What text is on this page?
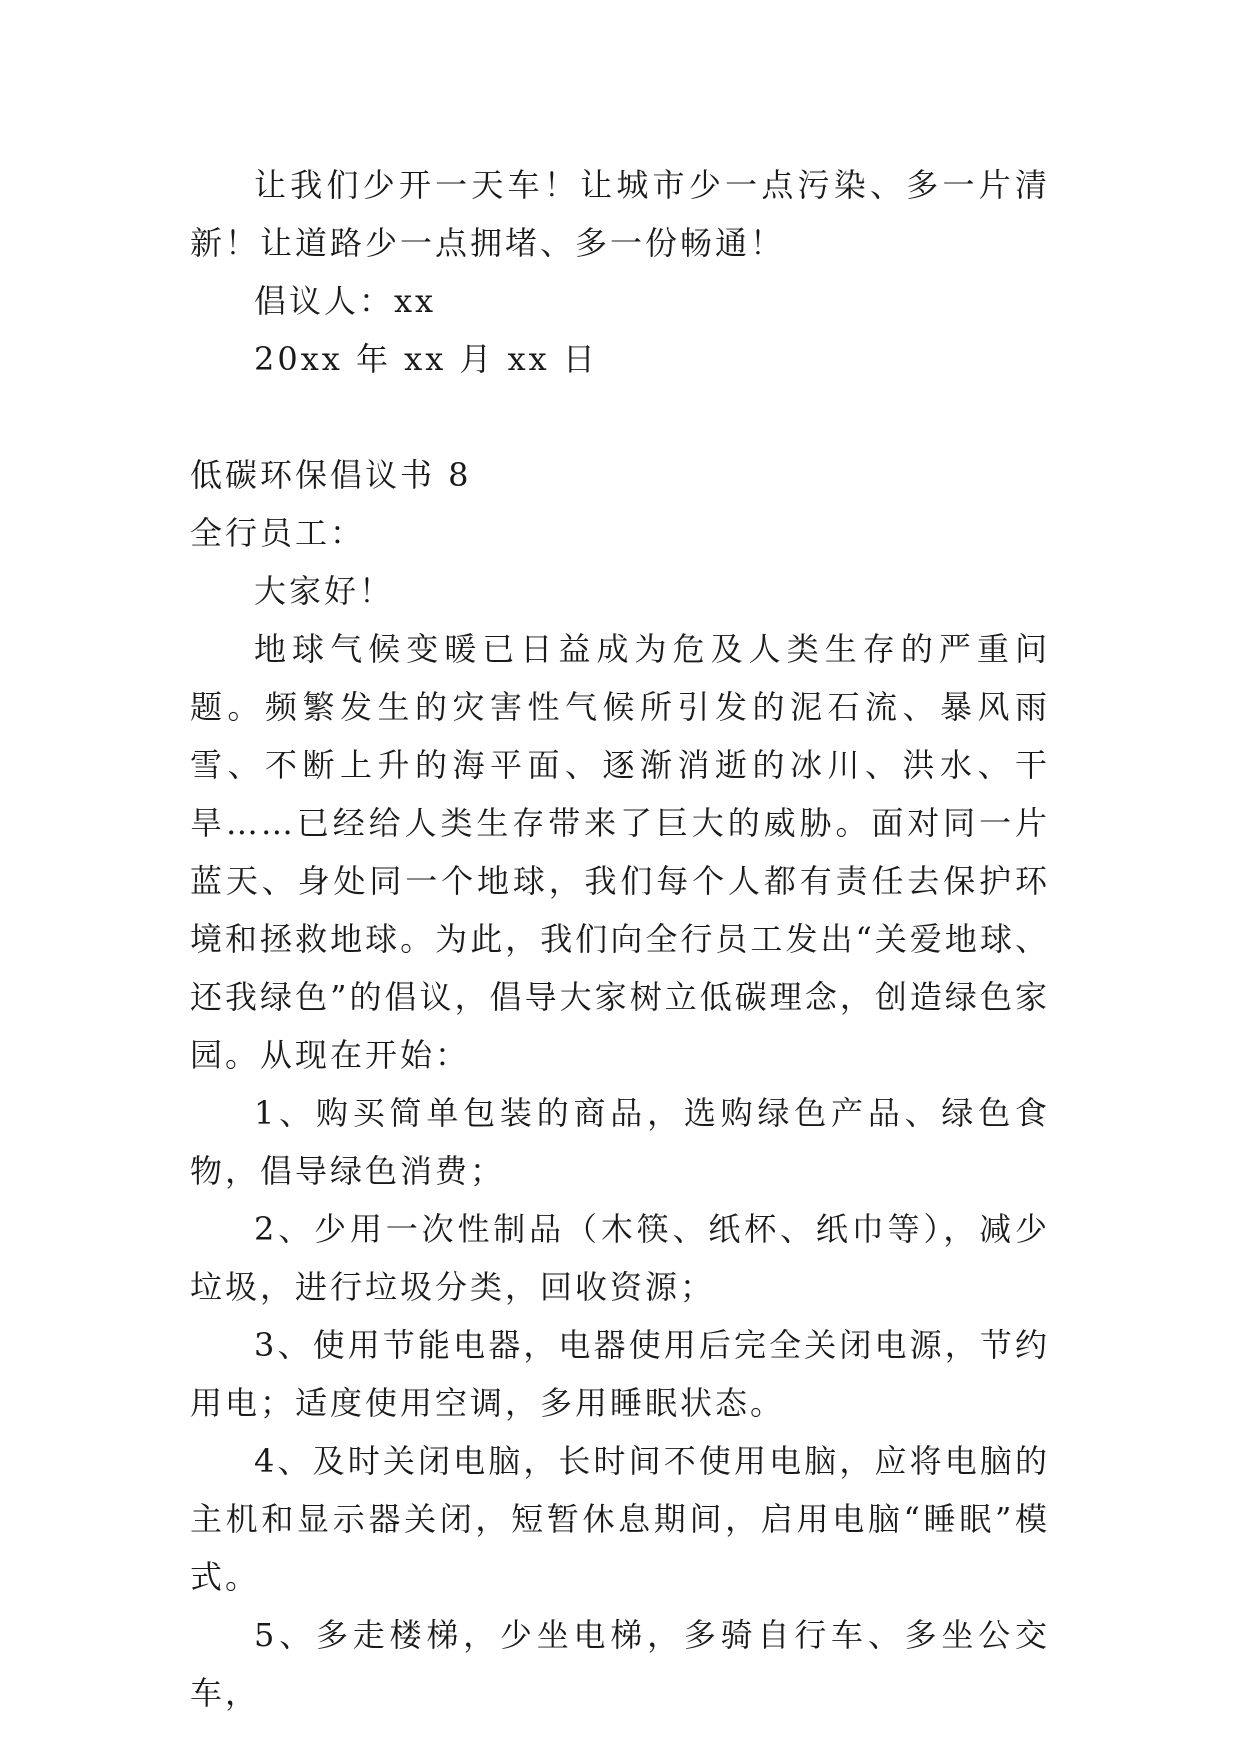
让我们少开一天车！让城市少一点污染、多一片清新！让道路少一点拥堵、多一份畅通！

倡议人：xx

20xx 年 xx 月 xx 日

低碳环保倡议书 8

全行员工：

大家好！

地球气候变暖已日益成为危及人类生存的严重问题。频繁发生的灾害性气候所引发的泥石流、暴风雨雪、不断上升的海平面、逐渐消逝的冰川、洪水、干旱……已经给人类生存带来了巨大的威胁。面对同一片蓝天、身处同一个地球，我们每个人都有责任去保护环境和拯救地球。为此，我们向全行员工发出“关爱地球、还我绿色”的倡议，倡导大家树立低碳理念，创造绿色家园。从现在开始：

1、购买简单包装的商品，选购绿色产品、绿色食物，倡导绿色消费；

2、少用一次性制品（木筷、纸杯、纸巾等），减少垃圾，进行垃圾分类，回收资源；

3、使用节能电器，电器使用后完全关闭电源，节约用电；适度使用空调，多用睡眠状态。

4、及时关闭电脑，长时间不使用电脑，应将电脑的主机和显示器关闭，短暂休息期间，启用电脑“睡眠”模式。

5、多走楼梯，少坐电梯，多骑自行车、多坐公交车，
